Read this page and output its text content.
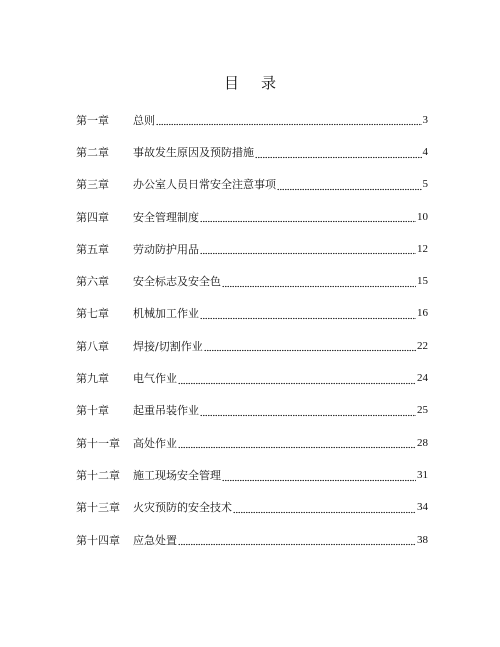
目 录
第一章	总则	3
第二章	事故发生原因及预防措施	4
第三章	办公室人员日常安全注意事项	5
第四章	安全管理制度	10
第五章	劳动防护用品	12
第六章	安全标志及安全色	15
第七章	机械加工作业	16
第八章	焊接/切割作业	22
第九章	电气作业	24
第十章	起重吊装作业	25
第十一章	高处作业	28
第十二章	施工现场安全管理	31
第十三章	火灾预防的安全技术	34
第十四章	应急处置	38
